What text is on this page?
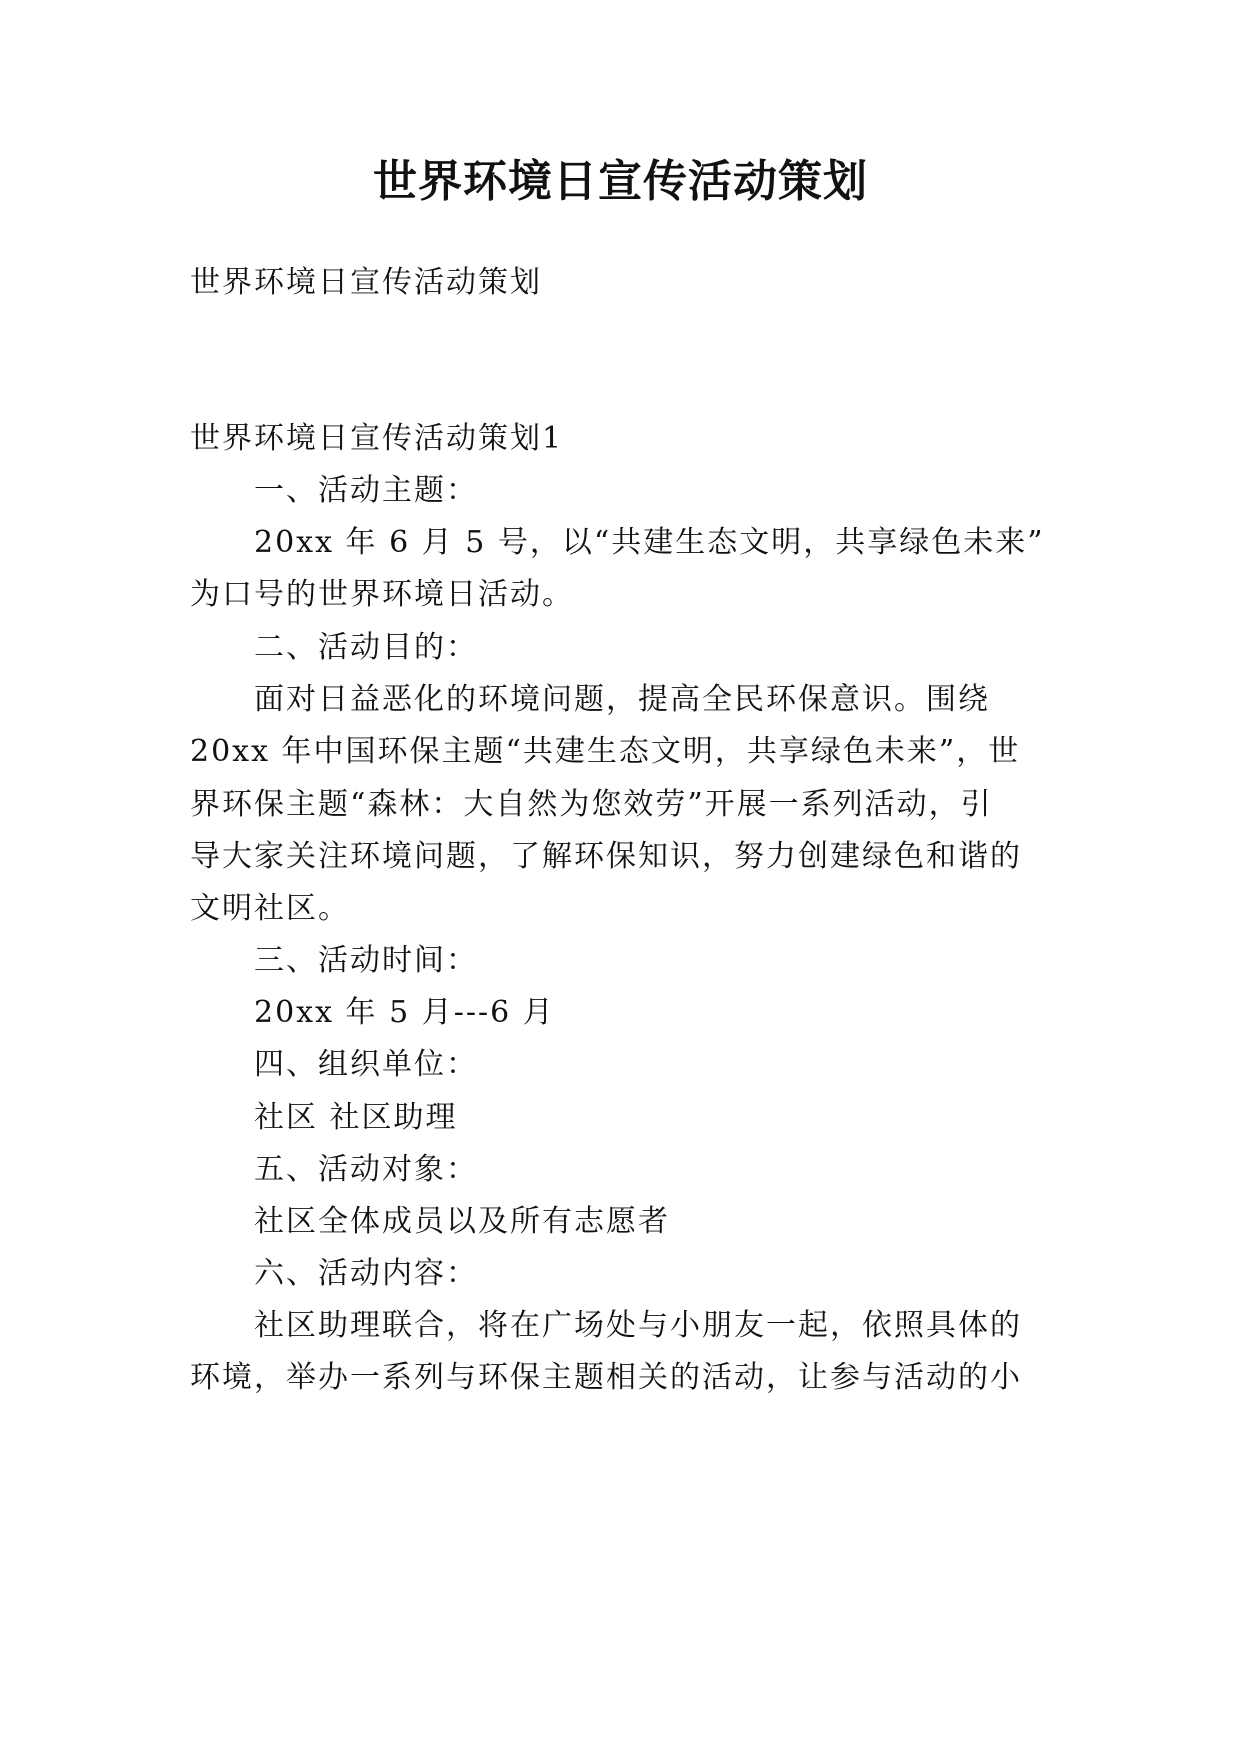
世界环境日宣传活动策划
世界环境日宣传活动策划
世界环境日宣传活动策划1
一、活动主题：
20xx 年 6 月 5 号，以“共建生态文明，共享绿色未来”
为口号的世界环境日活动。
二、活动目的：
面对日益恶化的环境问题，提高全民环保意识。围绕
20xx 年中国环保主题“共建生态文明，共享绿色未来”，世
界环保主题“森林：大自然为您效劳”开展一系列活动，引
导大家关注环境问题，了解环保知识，努力创建绿色和谐的
文明社区。
三、活动时间：
20xx 年 5 月---6 月
四、组织单位：
社区 社区助理
五、活动对象：
社区全体成员以及所有志愿者
六、活动内容：
社区助理联合，将在广场处与小朋友一起，依照具体的
环境，举办一系列与环保主题相关的活动，让参与活动的小
